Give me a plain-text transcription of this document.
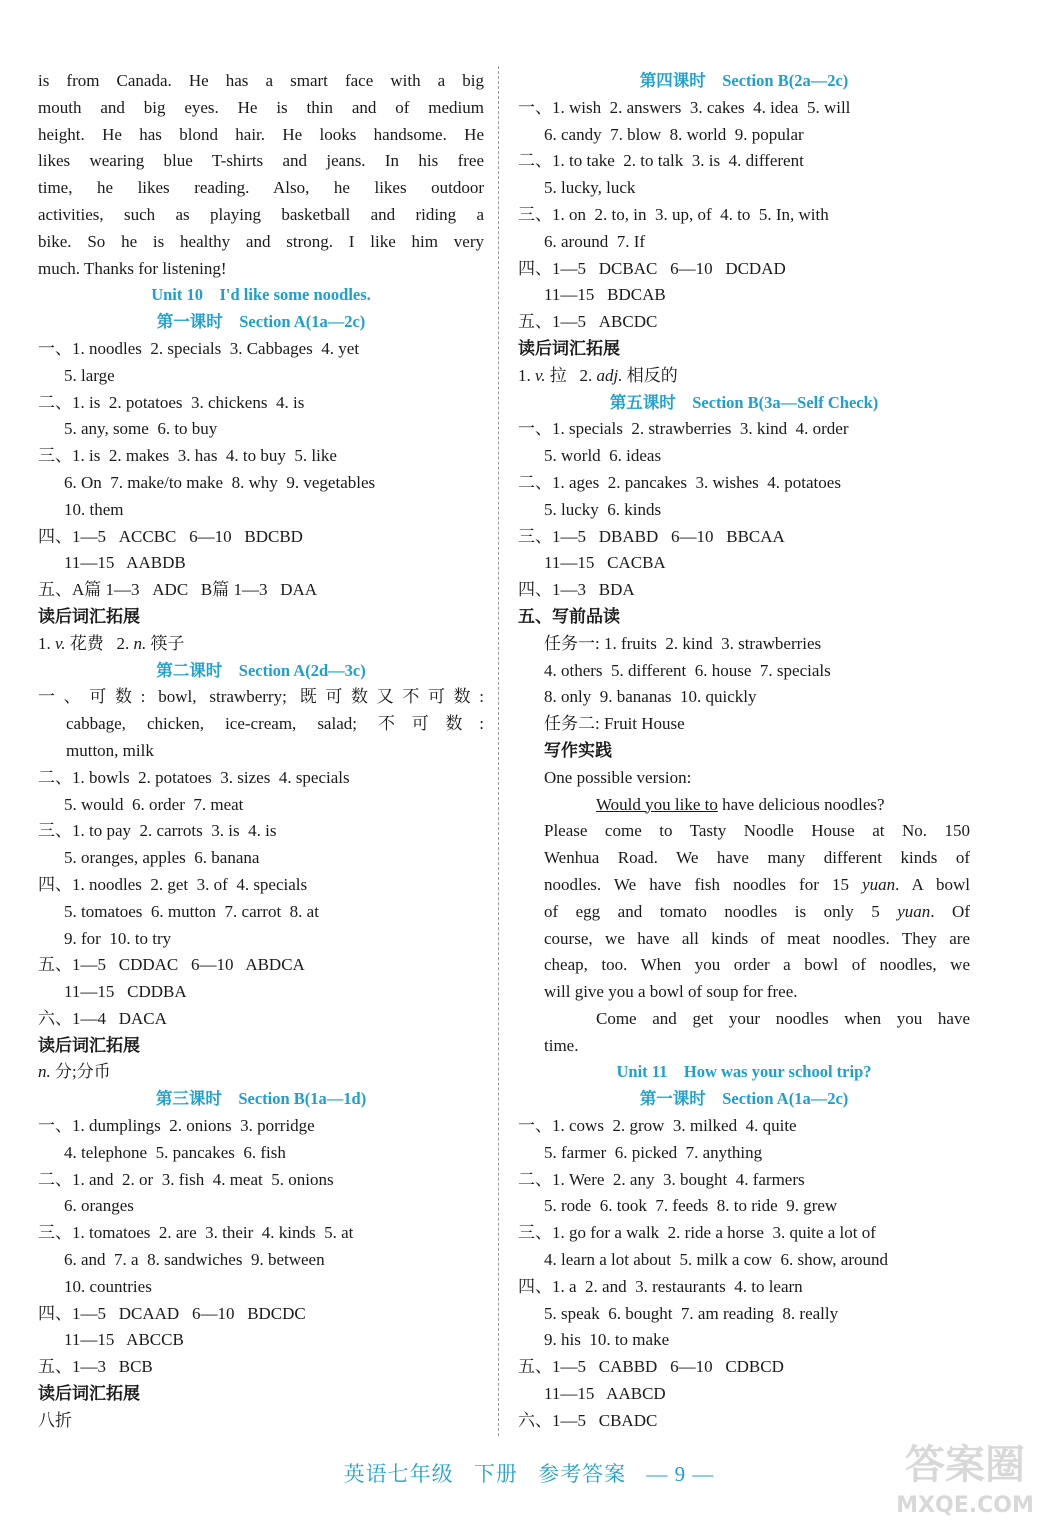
is from Canada. He has a smart face with a big
mouth and big eyes. He is thin and of medium
height. He has blond hair. He looks handsome. He
likes wearing blue T-shirts and jeans. In his free
time, he likes reading. Also, he likes outdoor
activities, such as playing basketball and riding a
bike. So he is healthy and strong. I like him very
much. Thanks for listening!
Unit 10    I'd like some noodles.
第一课时    Section A(1a—2c)
一、1. noodles  2. specials  3. Cabbages  4. yet
5. large
二、1. is  2. potatoes  3. chickens  4. is
5. any, some  6. to buy
三、1. is  2. makes  3. has  4. to buy  5. like
6. On  7. make/to make  8. why  9. vegetables
10. them
四、1—5   ACCBC   6—10   BDCBD
11—15   AABDB
五、A篇 1—3   ADC   B篇 1—3   DAA
读后词汇拓展
1. v. 花费   2. n. 筷子
第二课时    Section A(2d—3c)
一、可数: bowl, strawberry; 既可数又不可数:
cabbage, chicken, ice-cream, salad; 不可数:
mutton, milk
二、1. bowls  2. potatoes  3. sizes  4. specials
5. would  6. order  7. meat
三、1. to pay  2. carrots  3. is  4. is
5. oranges, apples  6. banana
四、1. noodles  2. get  3. of  4. specials
5. tomatoes  6. mutton  7. carrot  8. at
9. for  10. to try
五、1—5   CDDAC   6—10   ABDCA
11—15   CDDBA
六、1—4   DACA
读后词汇拓展
n. 分;分币
第三课时    Section B(1a—1d)
一、1. dumplings  2. onions  3. porridge
4. telephone  5. pancakes  6. fish
二、1. and  2. or  3. fish  4. meat  5. onions
6. oranges
三、1. tomatoes  2. are  3. their  4. kinds  5. at
6. and  7. a  8. sandwiches  9. between
10. countries
四、1—5   DCAAD   6—10   BDCDC
11—15   ABCCB
五、1—3   BCB
读后词汇拓展
八折
第四课时    Section B(2a—2c)
一、1. wish  2. answers  3. cakes  4. idea  5. will
6. candy  7. blow  8. world  9. popular
二、1. to take  2. to talk  3. is  4. different
5. lucky, luck
三、1. on  2. to, in  3. up, of  4. to  5. In, with
6. around  7. If
四、1—5   DCBAC   6—10   DCDAD
11—15   BDCAB
五、1—5   ABCDC
读后词汇拓展
1. v. 拉   2. adj. 相反的
第五课时    Section B(3a—Self Check)
一、1. specials  2. strawberries  3. kind  4. order
5. world  6. ideas
二、1. ages  2. pancakes  3. wishes  4. potatoes
5. lucky  6. kinds
三、1—5   DBABD   6—10   BBCAA
11—15   CACBA
四、1—3   BDA
五、写前品读
任务一: 1. fruits  2. kind  3. strawberries
4. others  5. different  6. house  7. specials
8. only  9. bananas  10. quickly
任务二: Fruit House
写作实践
One possible version:
Would you like to have delicious noodles?
Please come to Tasty Noodle House at No. 150
Wenhua Road. We have many different kinds of
noodles. We have fish noodles for 15 yuan. A bowl
of egg and tomato noodles is only 5 yuan. Of
course, we have all kinds of meat noodles. They are
cheap, too. When you order a bowl of noodles, we
will give you a bowl of soup for free.
Come and get your noodles when you have
time.
Unit 11    How was your school trip?
第一课时    Section A(1a—2c)
一、1. cows  2. grow  3. milked  4. quite
5. farmer  6. picked  7. anything
二、1. Were  2. any  3. bought  4. farmers
5. rode  6. took  7. feeds  8. to ride  9. grew
三、1. go for a walk  2. ride a horse  3. quite a lot of
4. learn a lot about  5. milk a cow  6. show, around
四、1. a  2. and  3. restaurants  4. to learn
5. speak  6. bought  7. am reading  8. really
9. his  10. to make
五、1—5   CABBD   6—10   CDBCD
11—15   AABCD
六、1—5   CBADC
英语七年级 下册 参考答案 — 9 —	答案圈
MXQE.COM
